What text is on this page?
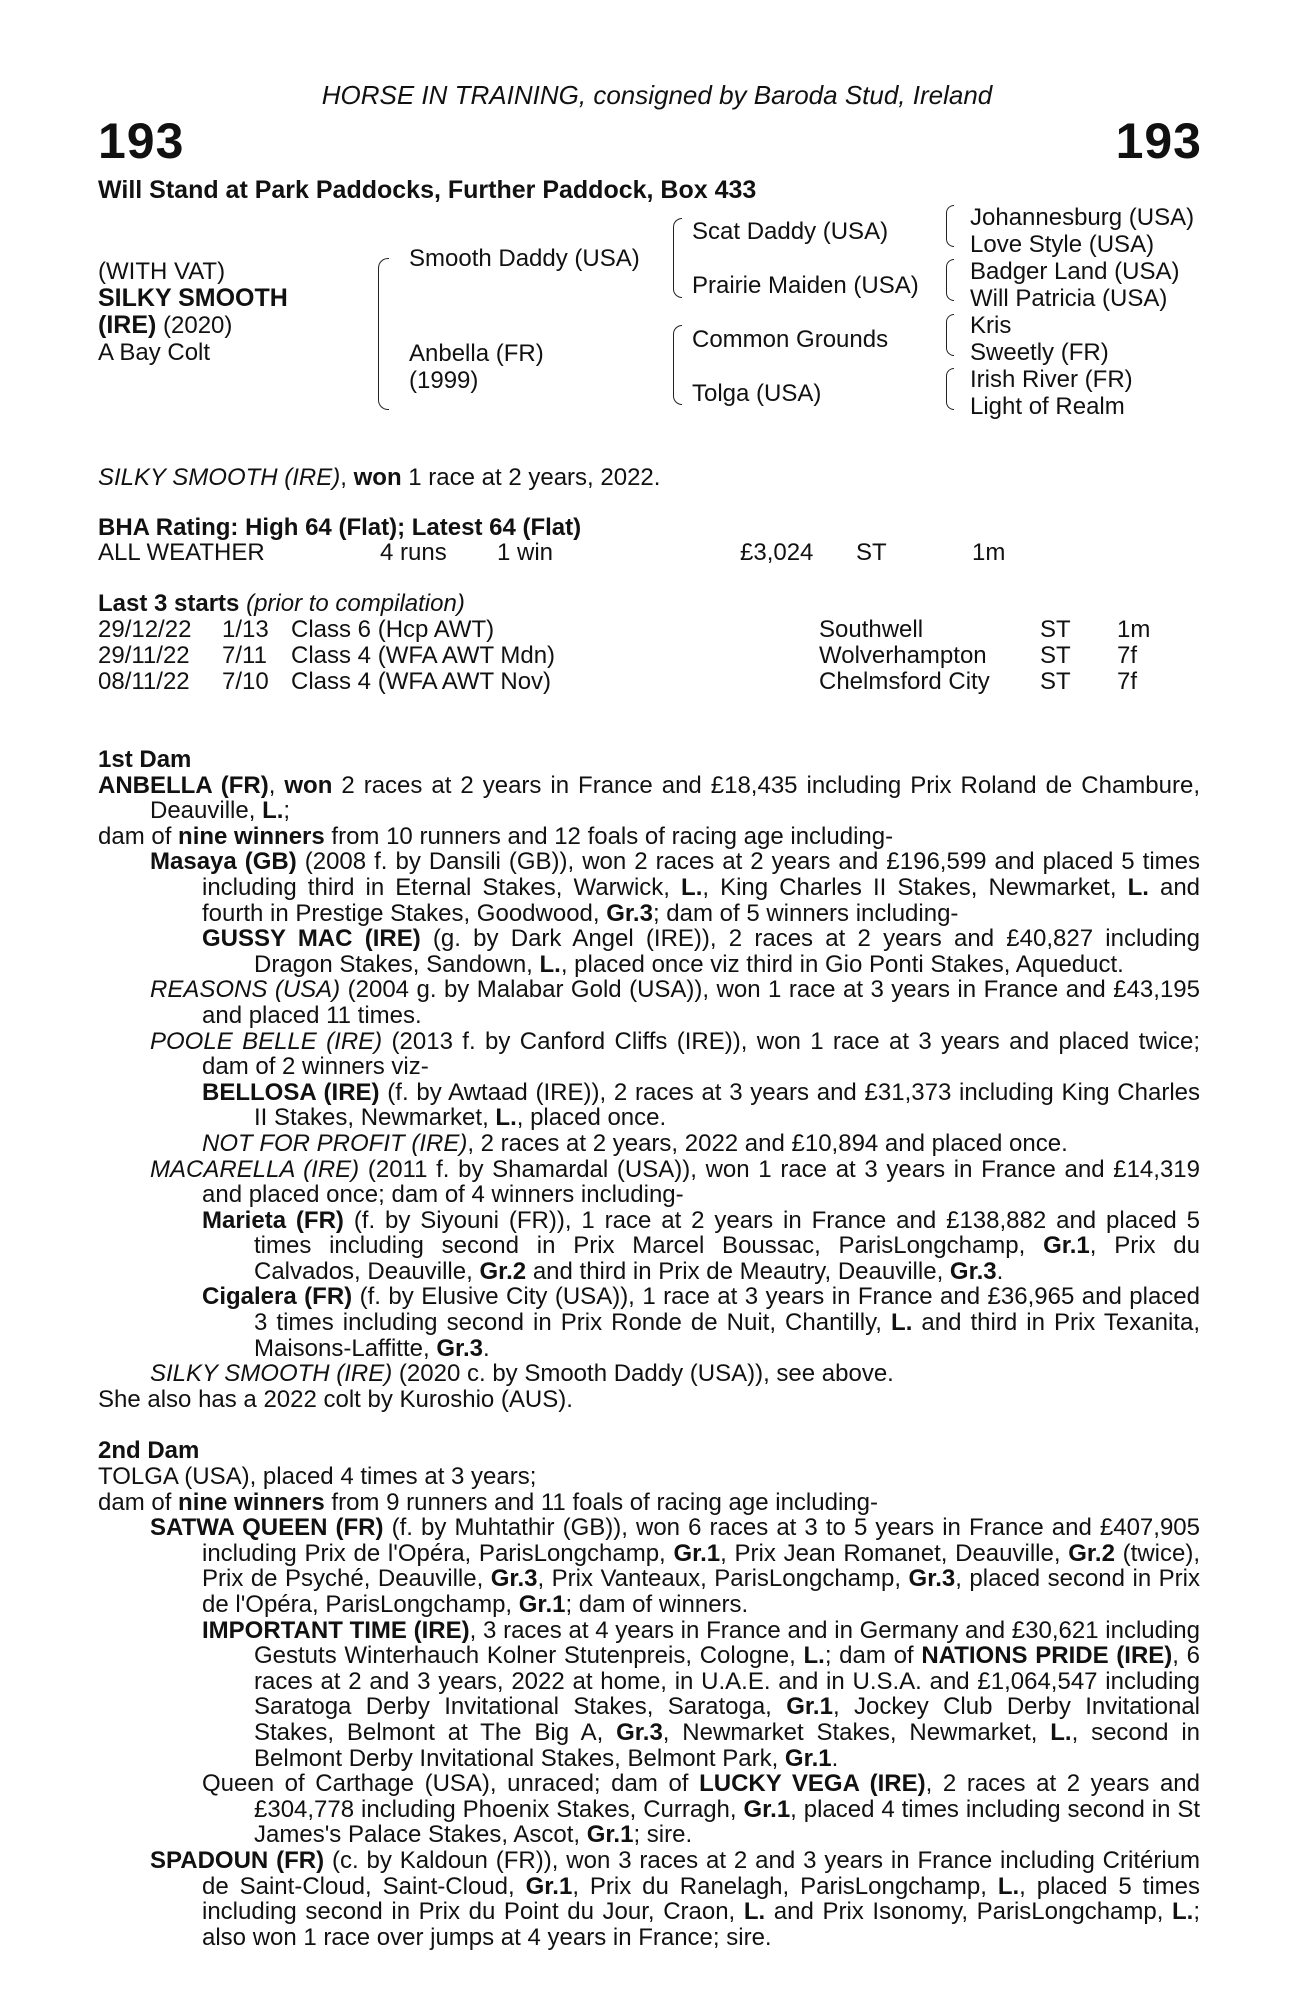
HORSE IN TRAINING, consigned by Baroda Stud, Ireland
193	193
Will Stand at Park Paddocks, Further Paddock, Box 433
(WITH VAT)
SILKY SMOOTH
(IRE) (2020)
A Bay Colt
Smooth Daddy (USA)
Anbella (FR)
(1999)
Scat Daddy (USA)
Prairie Maiden (USA)
Common Grounds
Tolga (USA)
Johannesburg (USA)
Love Style (USA)
Badger Land (USA)
Will Patricia (USA)
Kris
Sweetly (FR)
Irish River (FR)
Light of Realm
SILKY SMOOTH (IRE), won 1 race at 2 years, 2022.
BHA Rating: High 64 (Flat); Latest 64 (Flat)
ALL WEATHER	4 runs 1 win	£3,024 ST	1m
Last 3 starts (prior to compilation)
29/12/22 1/13 Class 6 (Hcp AWT)	Southwell	ST 1m
29/11/22 7/11 Class 4 (WFA AWT Mdn)	Wolverhampton ST 7f
08/11/22 7/10 Class 4 (WFA AWT Nov)	Chelmsford City ST 7f
1st Dam

ANBELLA (FR), won 2 races at 2 years in France and £18,435 including Prix Roland de Chambure, Deauville, L.;

dam of nine winners from 10 runners and 12 foals of racing age including-

Masaya (GB) (2008 f. by Dansili (GB)), won 2 races at 2 years and £196,599 and placed 5 times including third in Eternal Stakes, Warwick, L., King Charles II Stakes, Newmarket, L. and fourth in Prestige Stakes, Goodwood, Gr.3; dam of 5 winners including-

GUSSY MAC (IRE) (g. by Dark Angel (IRE)), 2 races at 2 years and £40,827 including Dragon Stakes, Sandown, L., placed once viz third in Gio Ponti Stakes, Aqueduct.

REASONS (USA) (2004 g. by Malabar Gold (USA)), won 1 race at 3 years in France and £43,195 and placed 11 times.

POOLE BELLE (IRE) (2013 f. by Canford Cliffs (IRE)), won 1 race at 3 years and placed twice; dam of 2 winners viz-

BELLOSA (IRE) (f. by Awtaad (IRE)), 2 races at 3 years and £31,373 including King Charles II Stakes, Newmarket, L., placed once.

NOT FOR PROFIT (IRE), 2 races at 2 years, 2022 and £10,894 and placed once.

MACARELLA (IRE) (2011 f. by Shamardal (USA)), won 1 race at 3 years in France and £14,319 and placed once; dam of 4 winners including-

Marieta (FR) (f. by Siyouni (FR)), 1 race at 2 years in France and £138,882 and placed 5 times including second in Prix Marcel Boussac, ParisLongchamp, Gr.1, Prix du Calvados, Deauville, Gr.2 and third in Prix de Meautry, Deauville, Gr.3.

Cigalera (FR) (f. by Elusive City (USA)), 1 race at 3 years in France and £36,965 and placed 3 times including second in Prix Ronde de Nuit, Chantilly, L. and third in Prix Texanita, Maisons-Laffitte, Gr.3.

SILKY SMOOTH (IRE) (2020 c. by Smooth Daddy (USA)), see above.

She also has a 2022 colt by Kuroshio (AUS).

2nd Dam

TOLGA (USA), placed 4 times at 3 years;

dam of nine winners from 9 runners and 11 foals of racing age including-

SATWA QUEEN (FR) (f. by Muhtathir (GB)), won 6 races at 3 to 5 years in France and £407,905 including Prix de l'Opéra, ParisLongchamp, Gr.1, Prix Jean Romanet, Deauville, Gr.2 (twice), Prix de Psyché, Deauville, Gr.3, Prix Vanteaux, ParisLongchamp, Gr.3, placed second in Prix de l'Opéra, ParisLongchamp, Gr.1; dam of winners.

IMPORTANT TIME (IRE), 3 races at 4 years in France and in Germany and £30,621 including Gestuts Winterhauch Kolner Stutenpreis, Cologne, L.; dam of NATIONS PRIDE (IRE), 6 races at 2 and 3 years, 2022 at home, in U.A.E. and in U.S.A. and £1,064,547 including Saratoga Derby Invitational Stakes, Saratoga, Gr.1, Jockey Club Derby Invitational Stakes, Belmont at The Big A, Gr.3, Newmarket Stakes, Newmarket, L., second in Belmont Derby Invitational Stakes, Belmont Park, Gr.1.

Queen of Carthage (USA), unraced; dam of LUCKY VEGA (IRE), 2 races at 2 years and £304,778 including Phoenix Stakes, Curragh, Gr.1, placed 4 times including second in St James's Palace Stakes, Ascot, Gr.1; sire.

SPADOUN (FR) (c. by Kaldoun (FR)), won 3 races at 2 and 3 years in France including Critérium de Saint-Cloud, Saint-Cloud, Gr.1, Prix du Ranelagh, ParisLongchamp, L., placed 5 times including second in Prix du Point du Jour, Craon, L. and Prix Isonomy, ParisLongchamp, L.; also won 1 race over jumps at 4 years in France; sire.
